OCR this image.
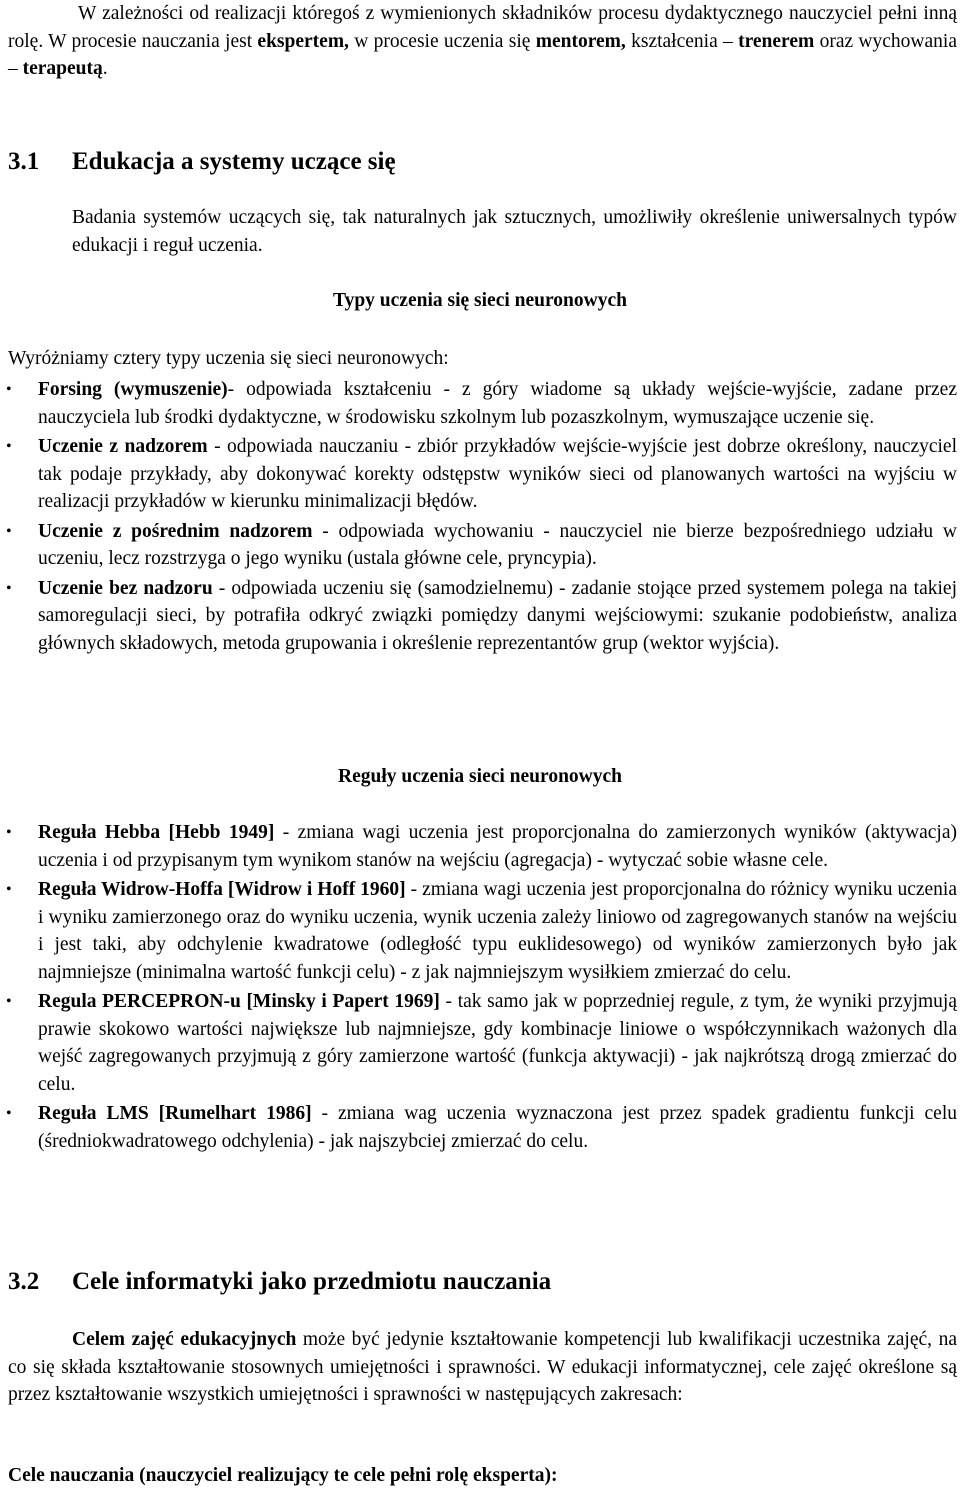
W zależności od realizacji któregoś z wymienionych składników procesu dydaktycznego nauczyciel pełni inną rolę. W procesie nauczania jest ekspertem, w procesie uczenia się mentorem, kształcenia – trenerem oraz wychowania – terapeutą.

3.1 Edukacja a systemy uczące się

Badania systemów uczących się, tak naturalnych jak sztucznych, umożliwiły określenie uniwersalnych typów edukacji i reguł uczenia.

Typy uczenia się sieci neuronowych
Wyróżniamy cztery typy uczenia się sieci neuronowych:
• Forsing (wymuszenie)- odpowiada kształceniu - z góry wiadome są układy wejście-wyjście, zadane przez nauczyciela lub środki dydaktyczne, w środowisku szkolnym lub pozaszkolnym, wymuszające uczenie się.
• Uczenie z nadzorem - odpowiada nauczaniu - zbiór przykładów wejście-wyjście jest dobrze określony, nauczyciel tak podaje przykłady, aby dokonywać korekty odstępstw wyników sieci od planowanych wartości na wyjściu w realizacji przykładów w kierunku minimalizacji błędów.
• Uczenie z pośrednim nadzorem - odpowiada wychowaniu - nauczyciel nie bierze bezpośredniego udziału w uczeniu, lecz rozstrzyga o jego wyniku (ustala główne cele, pryncypia).
• Uczenie bez nadzoru - odpowiada uczeniu się (samodzielnemu) - zadanie stojące przed systemem polega na takiej samoregulacji sieci, by potrafiła odkryć związki pomiędzy danymi wejściowymi: szukanie podobieństw, analiza głównych składowych, metoda grupowania i określenie reprezentantów grup (wektor wyjścia).
Reguły uczenia sieci neuronowych
• Reguła Hebba [Hebb 1949] - zmiana wagi uczenia jest proporcjonalna do zamierzonych wyników (aktywacja) uczenia i od przypisanym tym wynikom stanów na wejściu (agregacja) - wytyczać sobie własne cele.
• Reguła Widrow-Hoffa [Widrow i Hoff 1960] - zmiana wagi uczenia jest proporcjonalna do różnicy wyniku uczenia i wyniku zamierzonego oraz do wyniku uczenia, wynik uczenia zależy liniowo od zagregowanych stanów na wejściu i jest taki, aby odchylenie kwadratowe (odległość typu euklidesowego) od wyników zamierzonych było jak najmniejsze (minimalna wartość funkcji celu) - z jak najmniejszym wysiłkiem zmierzać do celu.
• Regula PERCEPRON-u [Minsky i Papert 1969] - tak samo jak w poprzedniej regule, z tym, że wyniki przyjmują prawie skokowo wartości największe lub najmniejsze, gdy kombinacje liniowe o współczynnikach ważonych dla wejść zagregowanych przyjmują z góry zamierzone wartość (funkcja aktywacji) - jak najkrótszą drogą zmierzać do celu.
• Reguła LMS [Rumelhart 1986] - zmiana wag uczenia wyznaczona jest przez spadek gradientu funkcji celu (średniokwadratowego odchylenia) - jak najszybciej zmierzać do celu.
3.2 Cele informatyki jako przedmiotu nauczania

Celem zajęć edukacyjnych może być jedynie kształtowanie kompetencji lub kwalifikacji uczestnika zajęć, na co się składa kształtowanie stosownych umiejętności i sprawności. W edukacji informatycznej, cele zajęć określone są przez kształtowanie wszystkich umiejętności i sprawności w następujących zakresach:

Cele nauczania (nauczyciel realizujący te cele pełni rolę eksperta):
